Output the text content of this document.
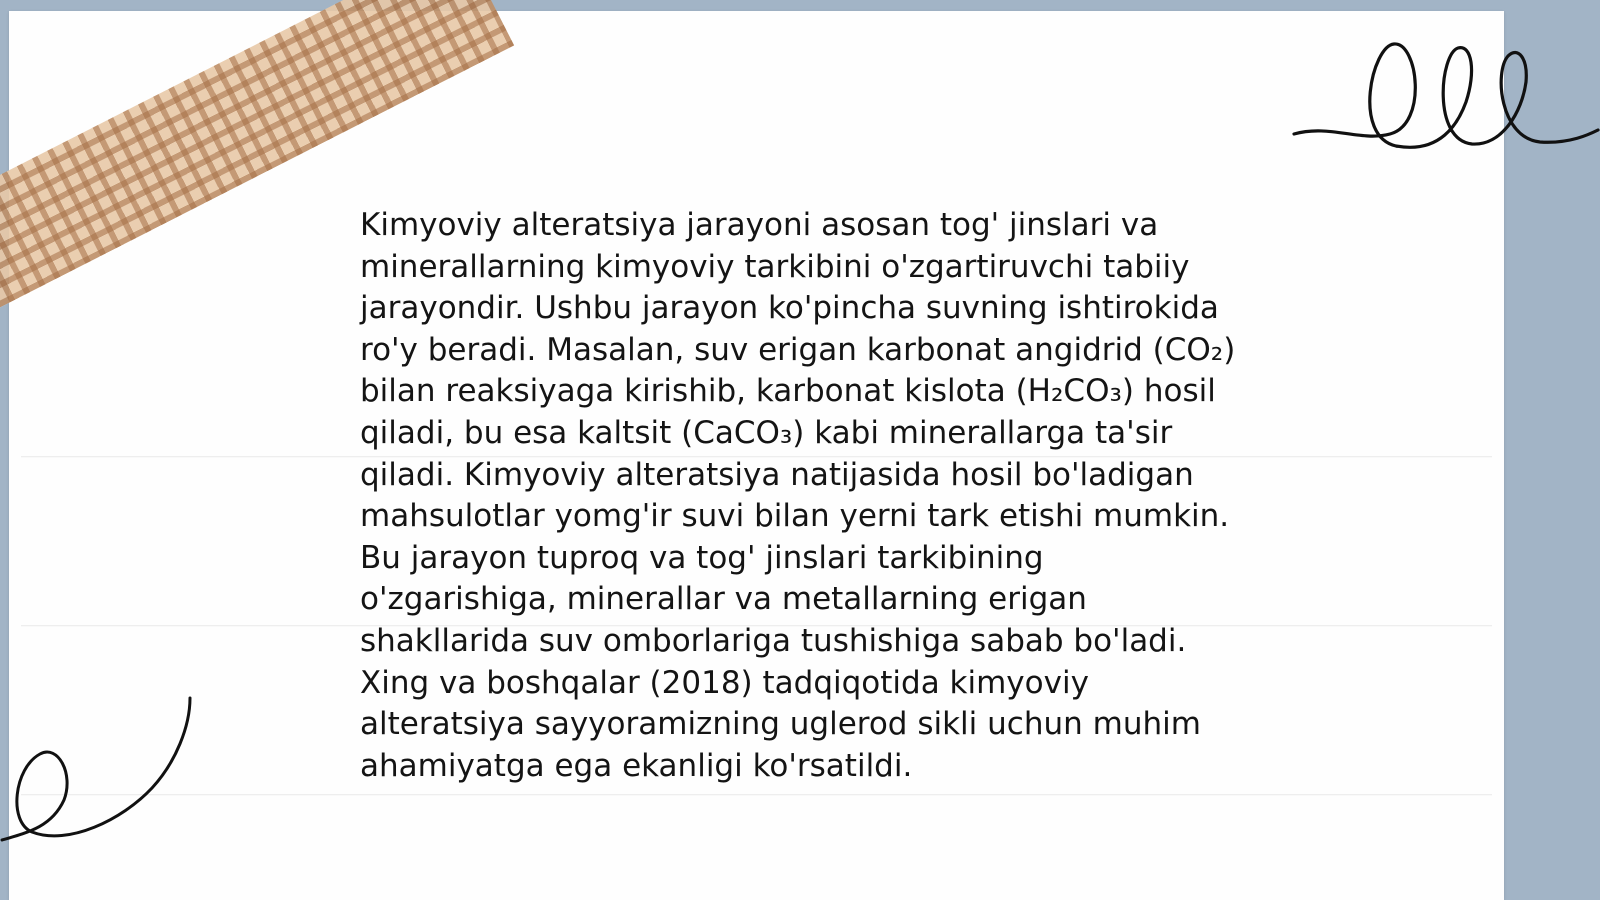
Kimyoviy alteratsiya jarayoni asosan tog' jinslari va minerallarning kimyoviy tarkibini o'zgartiruvchi tabiiy jarayondir. Ushbu jarayon ko'pincha suvning ishtirokida ro'y beradi. Masalan, suv erigan karbonat angidrid (CO₂) bilan reaksiyaga kirishib, karbonat kislota (H₂CO₃) hosil qiladi, bu esa kaltsit (CaCO₃) kabi minerallarga ta'sir qiladi. Kimyoviy alteratsiya natijasida hosil bo'ladigan mahsulotlar yomg'ir suvi bilan yerni tark etishi mumkin. Bu jarayon tuproq va tog' jinslari tarkibining o'zgarishiga, minerallar va metallarning erigan shakllarida suv omborlariga tushishiga sabab bo'ladi. Xing va boshqalar (2018) tadqiqotida kimyoviy alteratsiya sayyoramizning uglerod sikli uchun muhim ahamiyatga ega ekanligi ko'rsatildi.
